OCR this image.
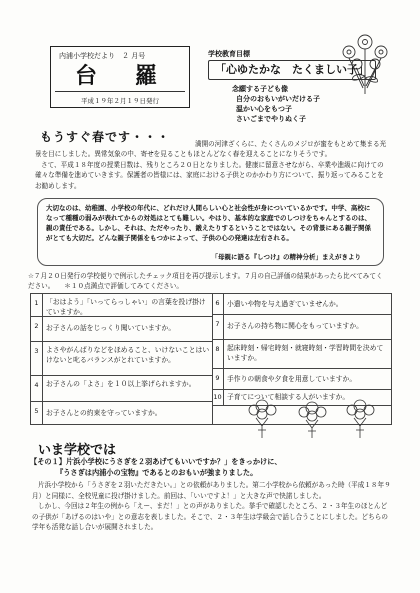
内浦小学校だより　２ 月号
台　羅
平成１９年２月１９日発行
学校教育目標
「心ゆたかな　たくましい子」
念願する子ども像
自分のおもいがいだける子
温かい心をもつ子
さいごまでやりぬく子
もうすぐ春です・・・	満開の河津ざくらに、たくさんのメジロが蜜をもとめて集まる光景を目にしました。異常気象の中、寄せを見ることもほとんどなく春を迎えることになりそうです。

さて、平成１８年度の授業日数は、残りところ２０日となりました。健康に留意させながら、卒業や進級に向けての確々な準備を進めていきます。保護者の皆様には、家庭における子供とのかかわり方について、振り返ってみることをお勧めします。

大切なのは、幼稚園、小学校の年代に、どれだけ人間らしい心と社会性が身についているかです。中学、高校になって種種の弱みが表れてからの対処はとても難しい。やはり、基本的な家庭でのしつけをちゃんとするのは、親の責任である。しかし、それは、ただやったり、鍛えたりするということではない。その背景にある親子関係がとても大切だ。どんな親子関係をもつかによって、子供の心の発達は左右される。
「母親に語る『しつけ』の精神分析」まえがきより
☆７月２０日発行の学校便りで例示したチェック項目を再び提示します。７月の自己評価の結果があったら比べてみてください。　　＊１０点満点で評価してみてください。
1	「おはよう」「いってらっしゃい」の言葉を投げ掛けていますか。
2	お子さんの話をじっくり聞いていますか。
3	よさやがんばりなどをほめること、いけないことはいけないと叱るバランスがとれていますか。
4	お子さんの「よさ」を１０以上挙げられますか。
5	お子さんとの約束を守っていますか。
6	小遣いや物を与え過ぎていませんか。
7	お子さんの持ち物に関心をもっていますか。
8	起床時刻・帰宅時刻・就寝時刻・学習時間を決めていますか。
9	手作りの朝食や夕食を用意していますか。
10 子育てについて相談する人がいますか。
いま学校では
【その１】片浜小学校にうさぎを２羽あげてもいいですか？」をきっかけに、
『うさぎは内浦小の宝物』であるとのおもいが強まりました。

片浜小学校から「うさぎを２羽いただきたい。」との依頼がありました。第二小学校から依頼があった時（平成１８年９月）と同様に、全校児童に投げ掛けました。前回は、「いいですよ！」と大きな声で快諾しました。

しかし、今回は２年生の例から「えー、まだ！」との声がありました。挙手で確認したところ、２・３年生のほとんどの子供が「あげるのはいや」との意志を表しました。そこで、２・３年生は学級会で話し合うことにしました。どちらの学年も活発な話し合いが展開されました。
